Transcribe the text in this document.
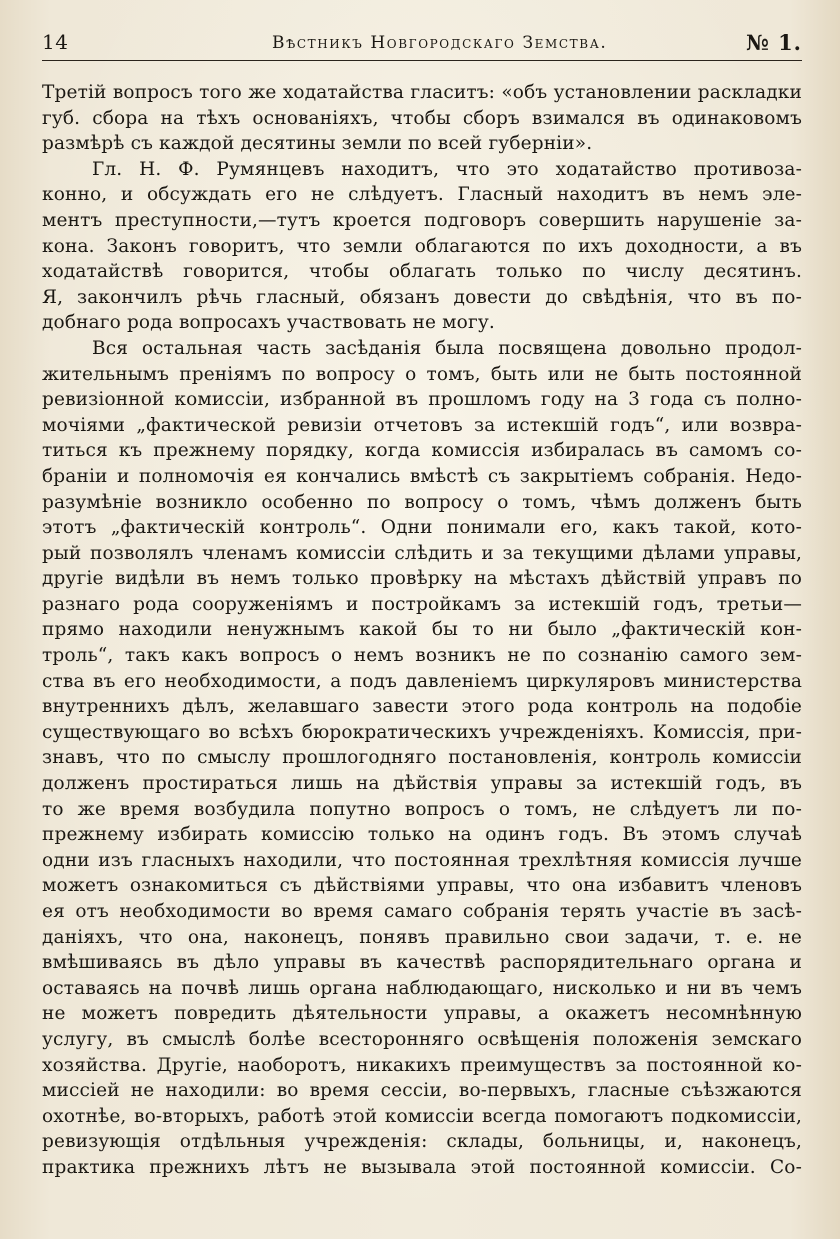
14	Вѣстникъ Новгородскаго Земства.	№ 1.
Третій вопросъ того же ходатайства гласитъ: «объ установлении раскладки
губ. сбора на тѣхъ основаніяхъ, чтобы сборъ взимался въ одинаковомъ
размѣрѣ съ каждой десятины земли по всей губерніи».
Гл. Н. Ф. Румянцевъ находитъ, что это ходатайство противоза-
конно, и обсуждать его не слѣдуетъ. Гласный находитъ въ немъ эле-
ментъ преступности,—тутъ кроется подговоръ совершить нарушеніе за-
кона. Законъ говоритъ, что земли облагаются по ихъ доходности, а въ
ходатайствѣ говорится, чтобы облагать только по числу десятинъ.
Я, закончилъ рѣчь гласный, обязанъ довести до свѣдѣнія, что въ по-
добнаго рода вопросахъ участвовать не могу.
Вся остальная часть засѣданія была посвящена довольно продол-
жительнымъ преніямъ по вопросу о томъ, быть или не быть постоянной
ревизіонной комиссіи, избранной въ прошломъ году на 3 года съ полно-
мочіями „фактической ревизіи отчетовъ за истекшій годъ“, или возвра-
титься къ прежнему порядку, когда комиссія избиралась въ самомъ со-
браніи и полномочія ея кончались вмѣстѣ съ закрытіемъ собранія. Недо-
разумѣніе возникло особенно по вопросу о томъ, чѣмъ долженъ быть
этотъ „фактическій контроль“. Одни понимали его, какъ такой, кото-
рый позволялъ членамъ комиссіи слѣдить и за текущими дѣлами управы,
другіе видѣли въ немъ только провѣрку на мѣстахъ дѣйствій управъ по
разнаго рода сооруженіямъ и постройкамъ за истекшій годъ, третьи—
прямо находили ненужнымъ какой бы то ни было „фактическій кон-
троль“, такъ какъ вопросъ о немъ возникъ не по сознанію самого зем-
ства въ его необходимости, а подъ давленіемъ циркуляровъ министерства
внутреннихъ дѣлъ, желавшаго завести этого рода контроль на подобіе
существующаго во всѣхъ бюрократическихъ учрежденіяхъ. Комиссія, при-
знавъ, что по смыслу прошлогодняго постановленія, контроль комиссіи
долженъ простираться лишь на дѣйствія управы за истекшій годъ, въ
то же время возбудила попутно вопросъ о томъ, не слѣдуетъ ли по-
прежнему избирать комиссію только на одинъ годъ. Въ этомъ случаѣ
одни изъ гласныхъ находили, что постоянная трехлѣтняя комиссія лучше
можетъ ознакомиться съ дѣйствіями управы, что она избавитъ членовъ
ея отъ необходимости во время самаго собранія терять участіе въ засѣ-
даніяхъ, что она, наконецъ, понявъ правильно свои задачи, т. е. не
вмѣшиваясь въ дѣло управы въ качествѣ распорядительнаго органа и
оставаясь на почвѣ лишь органа наблюдающаго, нисколько и ни въ чемъ
не можетъ повредить дѣятельности управы, а окажетъ несомнѣнную
услугу, въ смыслѣ болѣе всесторонняго освѣщенія положенія земскаго
хозяйства. Другіе, наоборотъ, никакихъ преимуществъ за постоянной ко-
миссіей не находили: во время сессіи, во-первыхъ, гласные съѣзжаются
охотнѣе, во-вторыхъ, работѣ этой комиссіи всегда помогаютъ подкомиссіи,
ревизующія отдѣльныя учрежденія: склады, больницы, и, наконецъ,
практика прежнихъ лѣтъ не вызывала этой постоянной комиссіи. Со-
